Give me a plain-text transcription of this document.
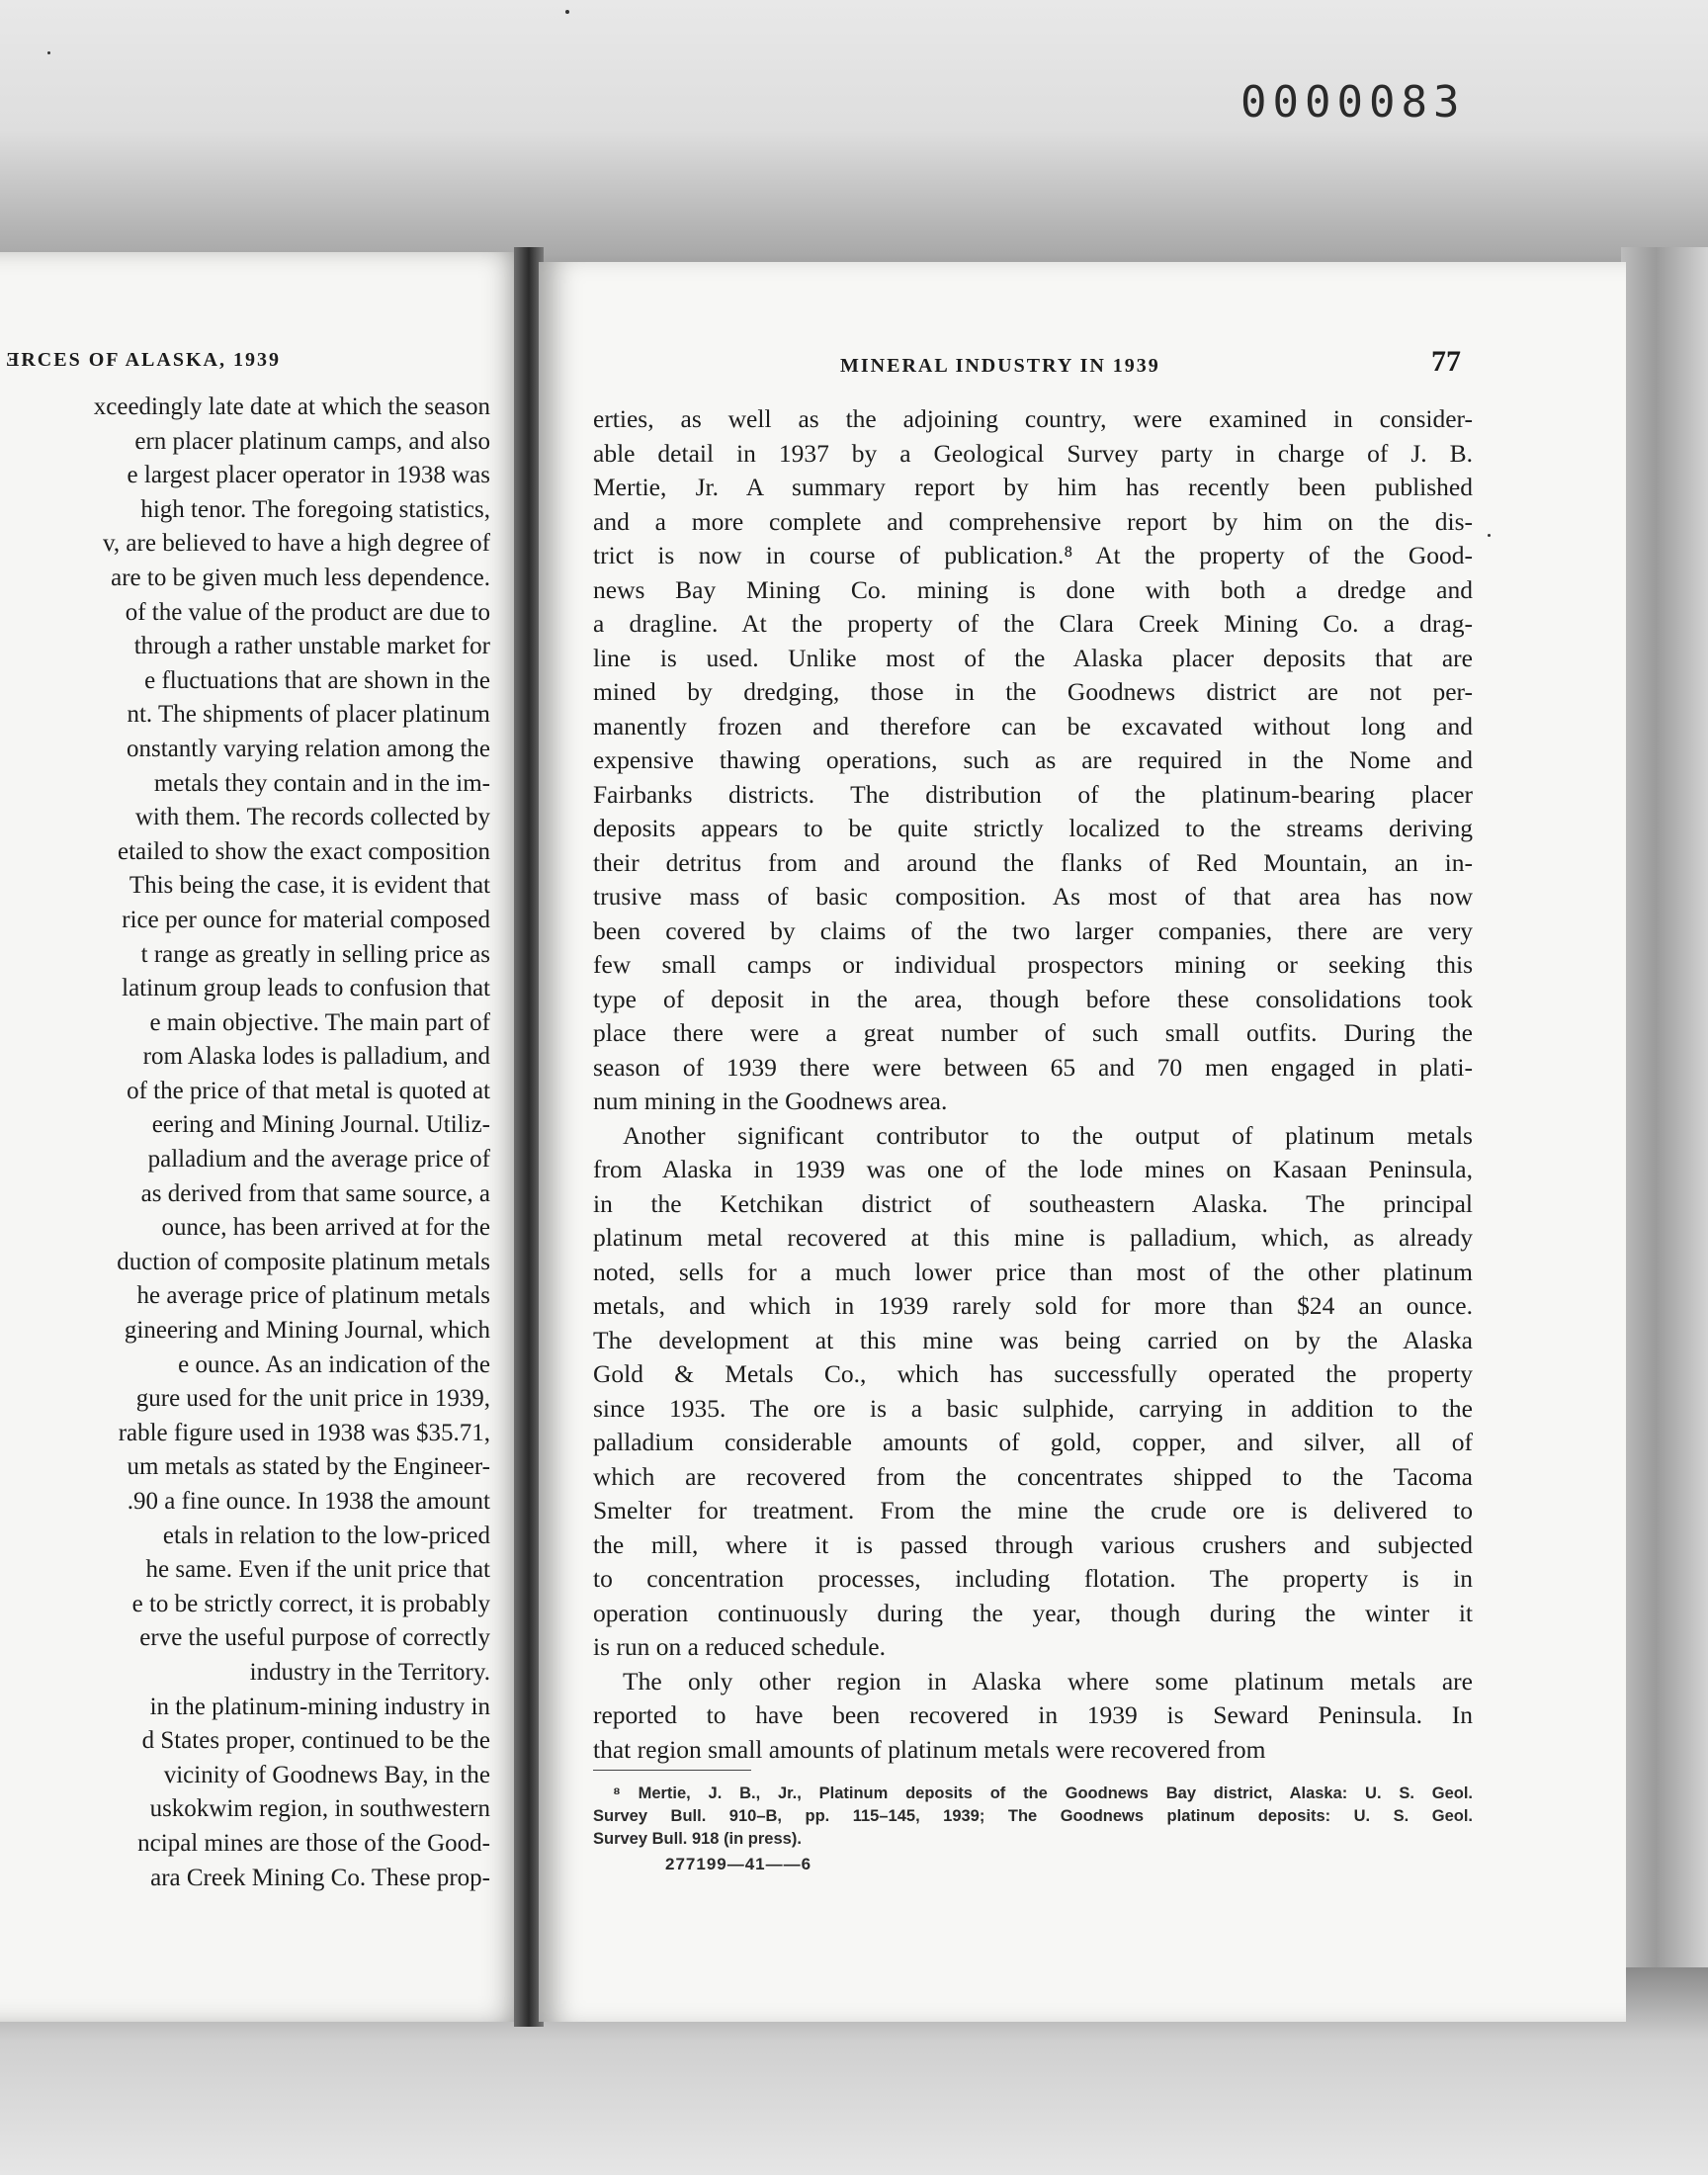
0000083
ƎRCES OF ALASKA, 1939
xceedingly late date at which the season
ern placer platinum camps, and also
e largest placer operator in 1938 was
high tenor. The foregoing statistics,
v, are believed to have a high degree of
are to be given much less dependence.
of the value of the product are due to
through a rather unstable market for
e fluctuations that are shown in the
nt. The shipments of placer platinum
onstantly varying relation among the
metals they contain and in the im-
with them. The records collected by
etailed to show the exact composition
This being the case, it is evident that
rice per ounce for material composed
t range as greatly in selling price as
latinum group leads to confusion that
e main objective. The main part of
rom Alaska lodes is palladium, and
of the price of that metal is quoted at
eering and Mining Journal. Utiliz-
palladium and the average price of
as derived from that same source, a
ounce, has been arrived at for the
duction of composite platinum metals
he average price of platinum metals
gineering and Mining Journal, which
e ounce. As an indication of the
gure used for the unit price in 1939,
rable figure used in 1938 was $35.71,
um metals as stated by the Engineer-
.90 a fine ounce. In 1938 the amount
etals in relation to the low-priced
he same. Even if the unit price that
e to be strictly correct, it is probably
erve the useful purpose of correctly
industry in the Territory.
in the platinum-mining industry in
d States proper, continued to be the
vicinity of Goodnews Bay, in the
uskokwim region, in southwestern
ncipal mines are those of the Good-
ara Creek Mining Co. These prop-
MINERAL INDUSTRY IN 1939	77
erties, as well as the adjoining country, were examined in consider-
able detail in 1937 by a Geological Survey party in charge of J. B.
Mertie, Jr. A summary report by him has recently been published
and a more complete and comprehensive report by him on the dis-
trict is now in course of publication.⁸ At the property of the Good-
news Bay Mining Co. mining is done with both a dredge and
a dragline. At the property of the Clara Creek Mining Co. a drag-
line is used. Unlike most of the Alaska placer deposits that are
mined by dredging, those in the Goodnews district are not per-
manently frozen and therefore can be excavated without long and
expensive thawing operations, such as are required in the Nome and
Fairbanks districts. The distribution of the platinum-bearing placer
deposits appears to be quite strictly localized to the streams deriving
their detritus from and around the flanks of Red Mountain, an in-
trusive mass of basic composition. As most of that area has now
been covered by claims of the two larger companies, there are very
few small camps or individual prospectors mining or seeking this
type of deposit in the area, though before these consolidations took
place there were a great number of such small outfits. During the
season of 1939 there were between 65 and 70 men engaged in plati-
num mining in the Goodnews area.
Another significant contributor to the output of platinum metals
from Alaska in 1939 was one of the lode mines on Kasaan Peninsula,
in the Ketchikan district of southeastern Alaska. The principal
platinum metal recovered at this mine is palladium, which, as already
noted, sells for a much lower price than most of the other platinum
metals, and which in 1939 rarely sold for more than $24 an ounce.
The development at this mine was being carried on by the Alaska
Gold & Metals Co., which has successfully operated the property
since 1935. The ore is a basic sulphide, carrying in addition to the
palladium considerable amounts of gold, copper, and silver, all of
which are recovered from the concentrates shipped to the Tacoma
Smelter for treatment. From the mine the crude ore is delivered to
the mill, where it is passed through various crushers and subjected
to concentration processes, including flotation. The property is in
operation continuously during the year, though during the winter it
is run on a reduced schedule.
The only other region in Alaska where some platinum metals are
reported to have been recovered in 1939 is Seward Peninsula. In
that region small amounts of platinum metals were recovered from
⁸ Mertie, J. B., Jr., Platinum deposits of the Goodnews Bay district, Alaska: U. S. Geol.
Survey Bull. 910–B, pp. 115–145, 1939; The Goodnews platinum deposits: U. S. Geol.
Survey Bull. 918 (in press).
277199—41——6
